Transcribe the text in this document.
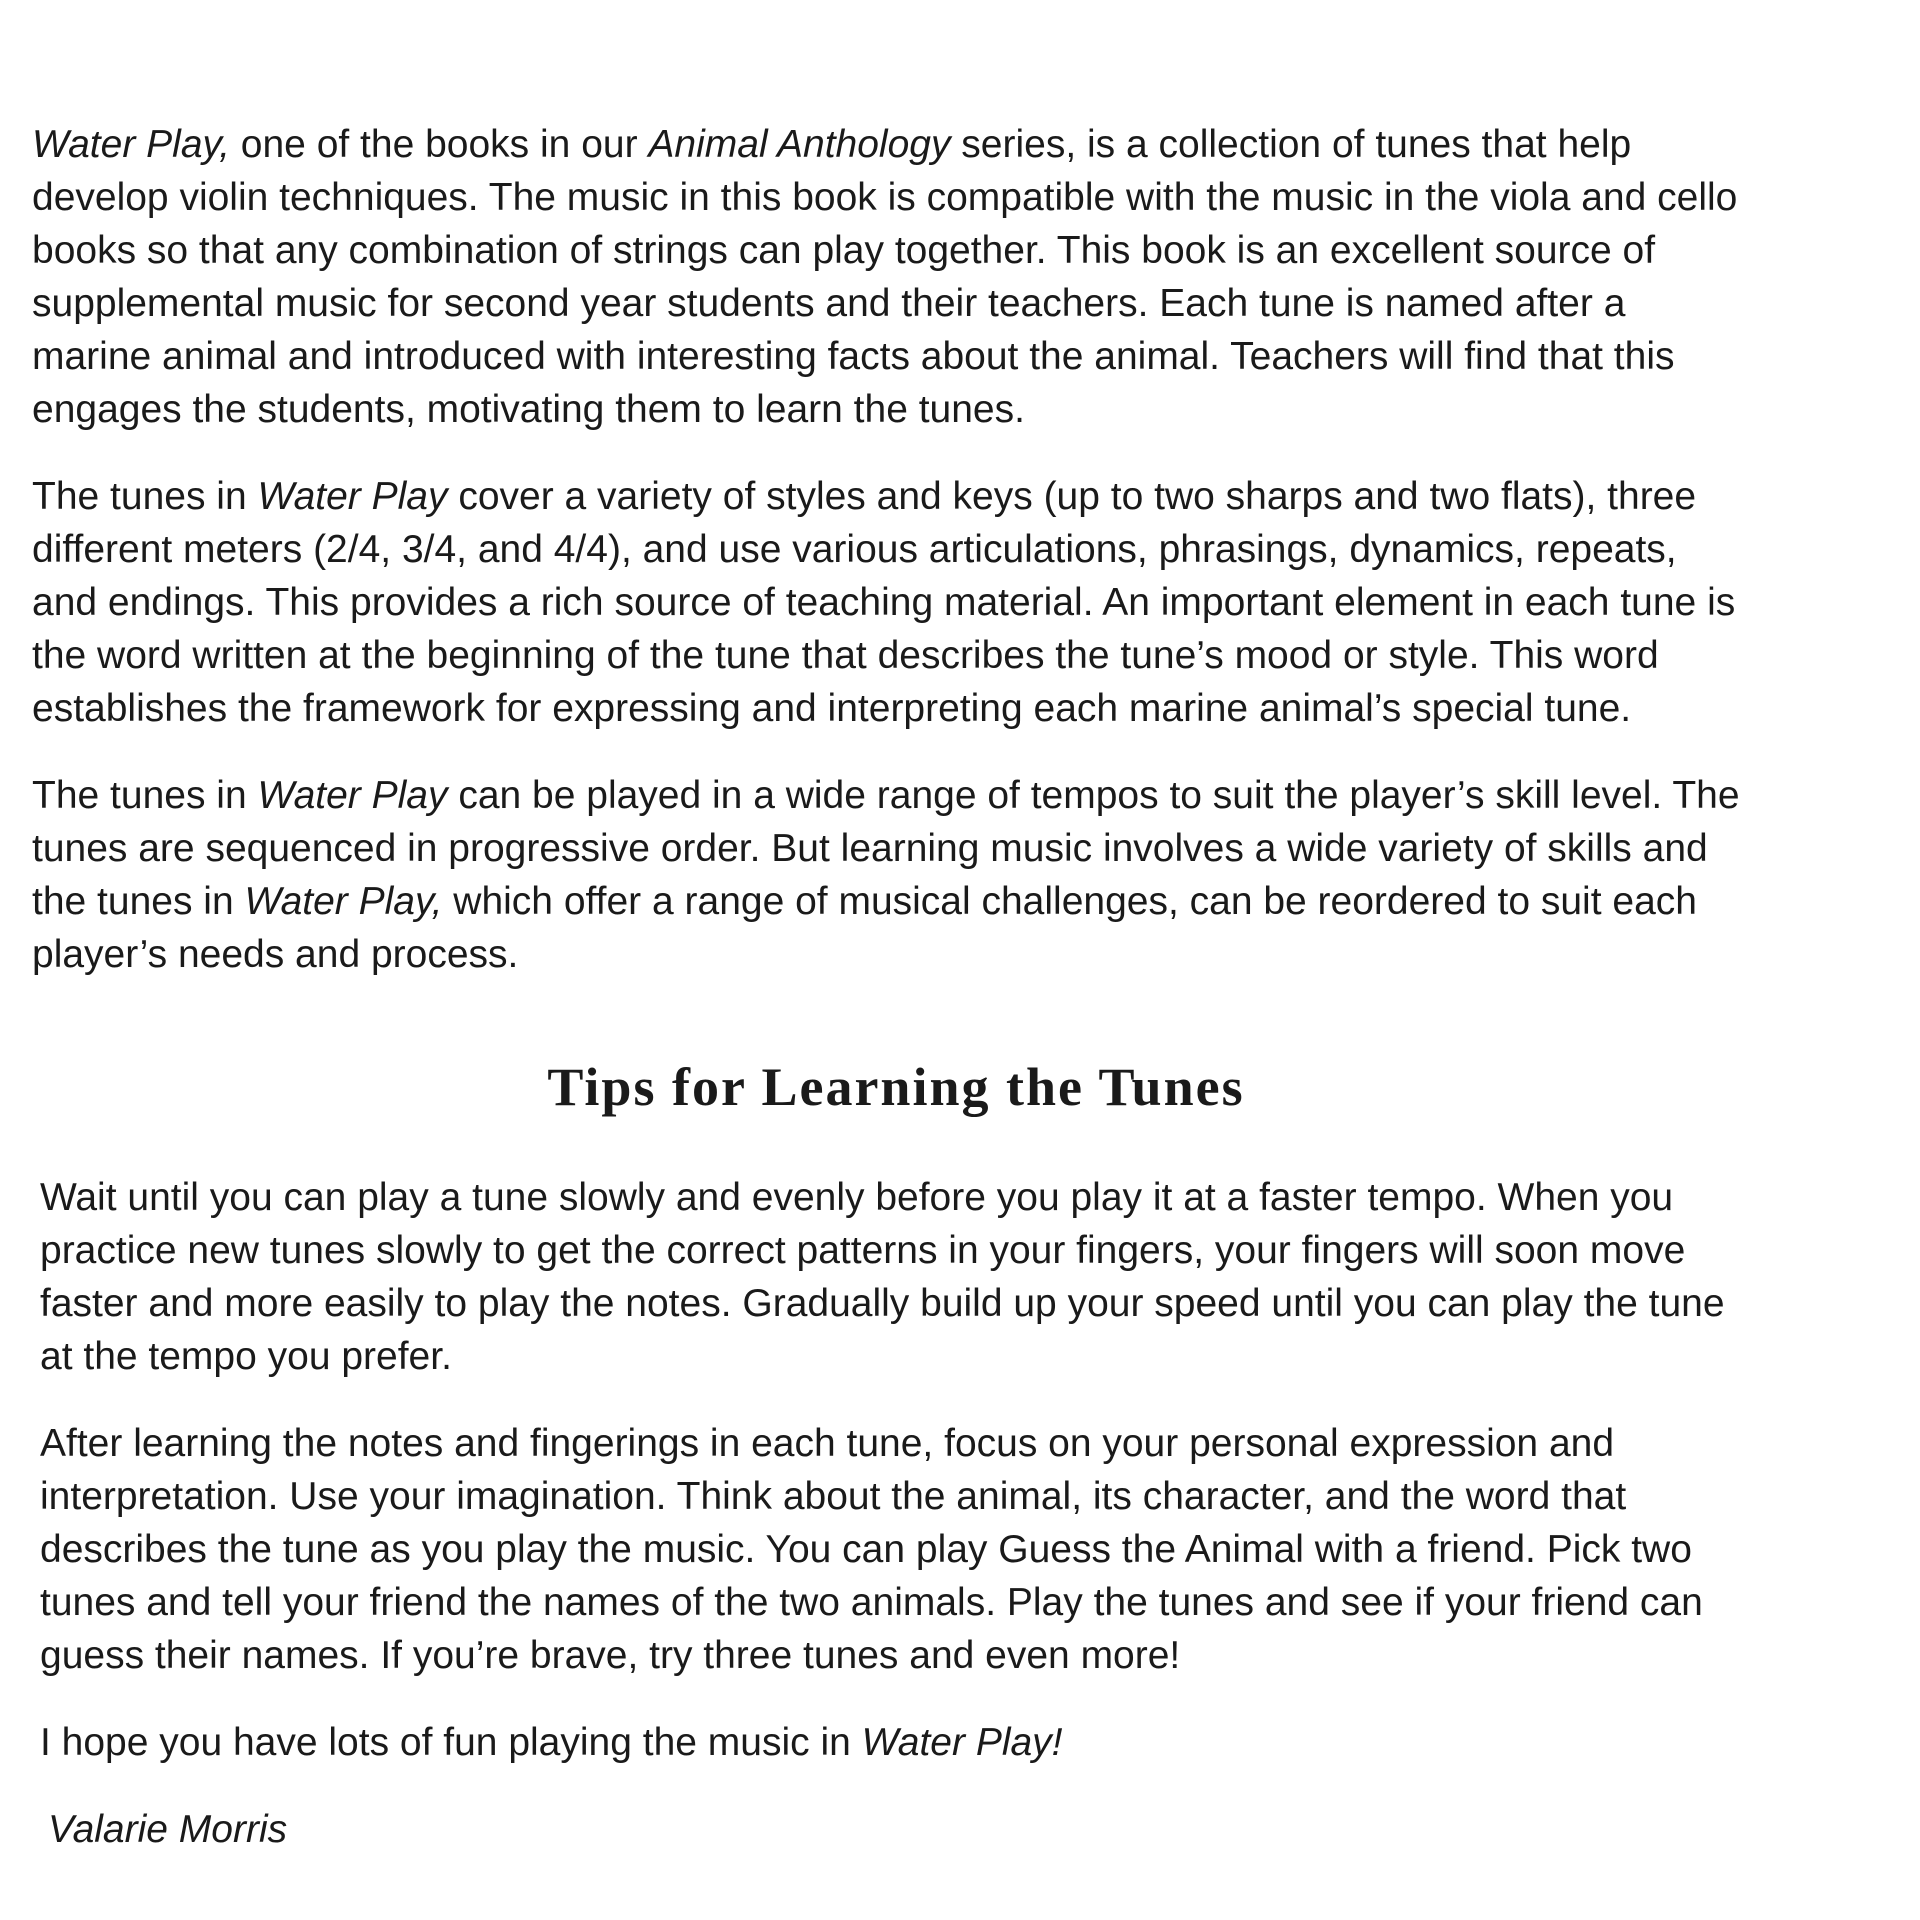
Water Play, one of the books in our Animal Anthology series, is a collection of tunes that help
develop violin techniques. The music in this book is compatible with the music in the viola and cello
books so that any combination of strings can play together. This book is an excellent source of
supplemental music for second year students and their teachers. Each tune is named after a
marine animal and introduced with interesting facts about the animal. Teachers will find that this
engages the students, motivating them to learn the tunes.

The tunes in Water Play cover a variety of styles and keys (up to two sharps and two flats), three
different meters (2/4, 3/4, and 4/4), and use various articulations, phrasings, dynamics, repeats,
and endings. This provides a rich source of teaching material. An important element in each tune is
the word written at the beginning of the tune that describes the tune’s mood or style. This word
establishes the framework for expressing and interpreting each marine animal’s special tune.

The tunes in Water Play can be played in a wide range of tempos to suit the player’s skill level. The
tunes are sequenced in progressive order. But learning music involves a wide variety of skills and
the tunes in Water Play, which offer a range of musical challenges, can be reordered to suit each
player’s needs and process.

Tips for Learning the Tunes

Wait until you can play a tune slowly and evenly before you play it at a faster tempo. When you
practice new tunes slowly to get the correct patterns in your fingers, your fingers will soon move
faster and more easily to play the notes. Gradually build up your speed until you can play the tune
at the tempo you prefer.

After learning the notes and fingerings in each tune, focus on your personal expression and
interpretation. Use your imagination. Think about the animal, its character, and the word that
describes the tune as you play the music. You can play Guess the Animal with a friend. Pick two
tunes and tell your friend the names of the two animals. Play the tunes and see if your friend can
guess their names. If you’re brave, try three tunes and even more!

I hope you have lots of fun playing the music in Water Play!

Valarie Morris
